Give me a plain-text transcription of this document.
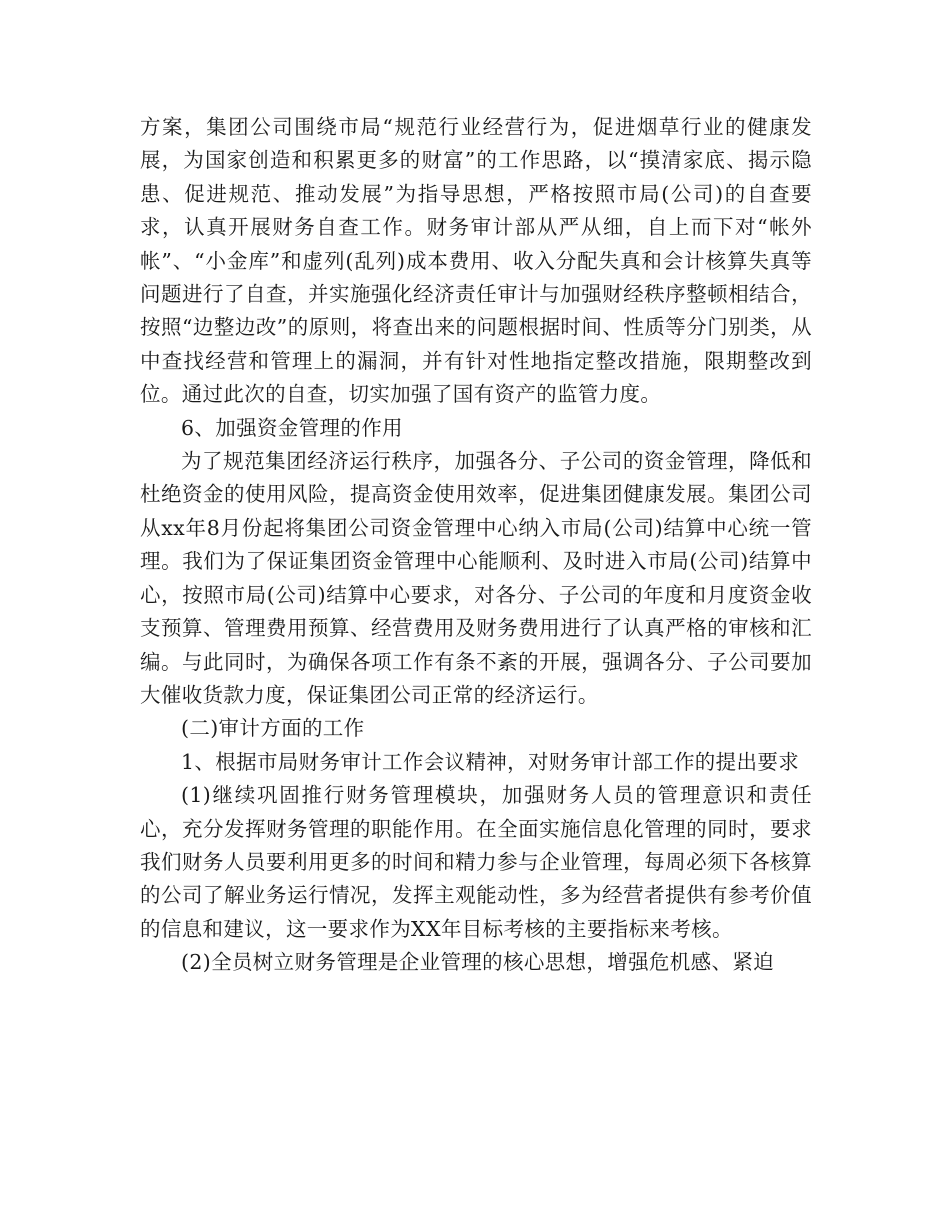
方案，集团公司围绕市局“规范行业经营行为，促进烟草行业的健康发展，为国家创造和积累更多的财富”的工作思路，以“摸清家底、揭示隐患、促进规范、推动发展”为指导思想，严格按照市局(公司)的自查要求，认真开展财务自查工作。财务审计部从严从细，自上而下对“帐外帐”、“小金库”和虚列(乱列)成本费用、收入分配失真和会计核算失真等问题进行了自查，并实施强化经济责任审计与加强财经秩序整顿相结合，按照“边整边改”的原则，将查出来的问题根据时间、性质等分门别类，从中查找经营和管理上的漏洞，并有针对性地指定整改措施，限期整改到位。通过此次的自查，切实加强了国有资产的监管力度。

6、加强资金管理的作用

为了规范集团经济运行秩序，加强各分、子公司的资金管理，降低和杜绝资金的使用风险，提高资金使用效率，促进集团健康发展。集团公司从xx年8月份起将集团公司资金管理中心纳入市局(公司)结算中心统一管理。我们为了保证集团资金管理中心能顺利、及时进入市局(公司)结算中心，按照市局(公司)结算中心要求，对各分、子公司的年度和月度资金收支预算、管理费用预算、经营费用及财务费用进行了认真严格的审核和汇编。与此同时，为确保各项工作有条不紊的开展，强调各分、子公司要加大催收货款力度，保证集团公司正常的经济运行。

(二)审计方面的工作

1、根据市局财务审计工作会议精神，对财务审计部工作的提出要求

(1)继续巩固推行财务管理模块，加强财务人员的管理意识和责任心，充分发挥财务管理的职能作用。在全面实施信息化管理的同时，要求我们财务人员要利用更多的时间和精力参与企业管理，每周必须下各核算的公司了解业务运行情况，发挥主观能动性，多为经营者提供有参考价值的信息和建议，这一要求作为XX年目标考核的主要指标来考核。

(2)全员树立财务管理是企业管理的核心思想，增强危机感、紧迫
